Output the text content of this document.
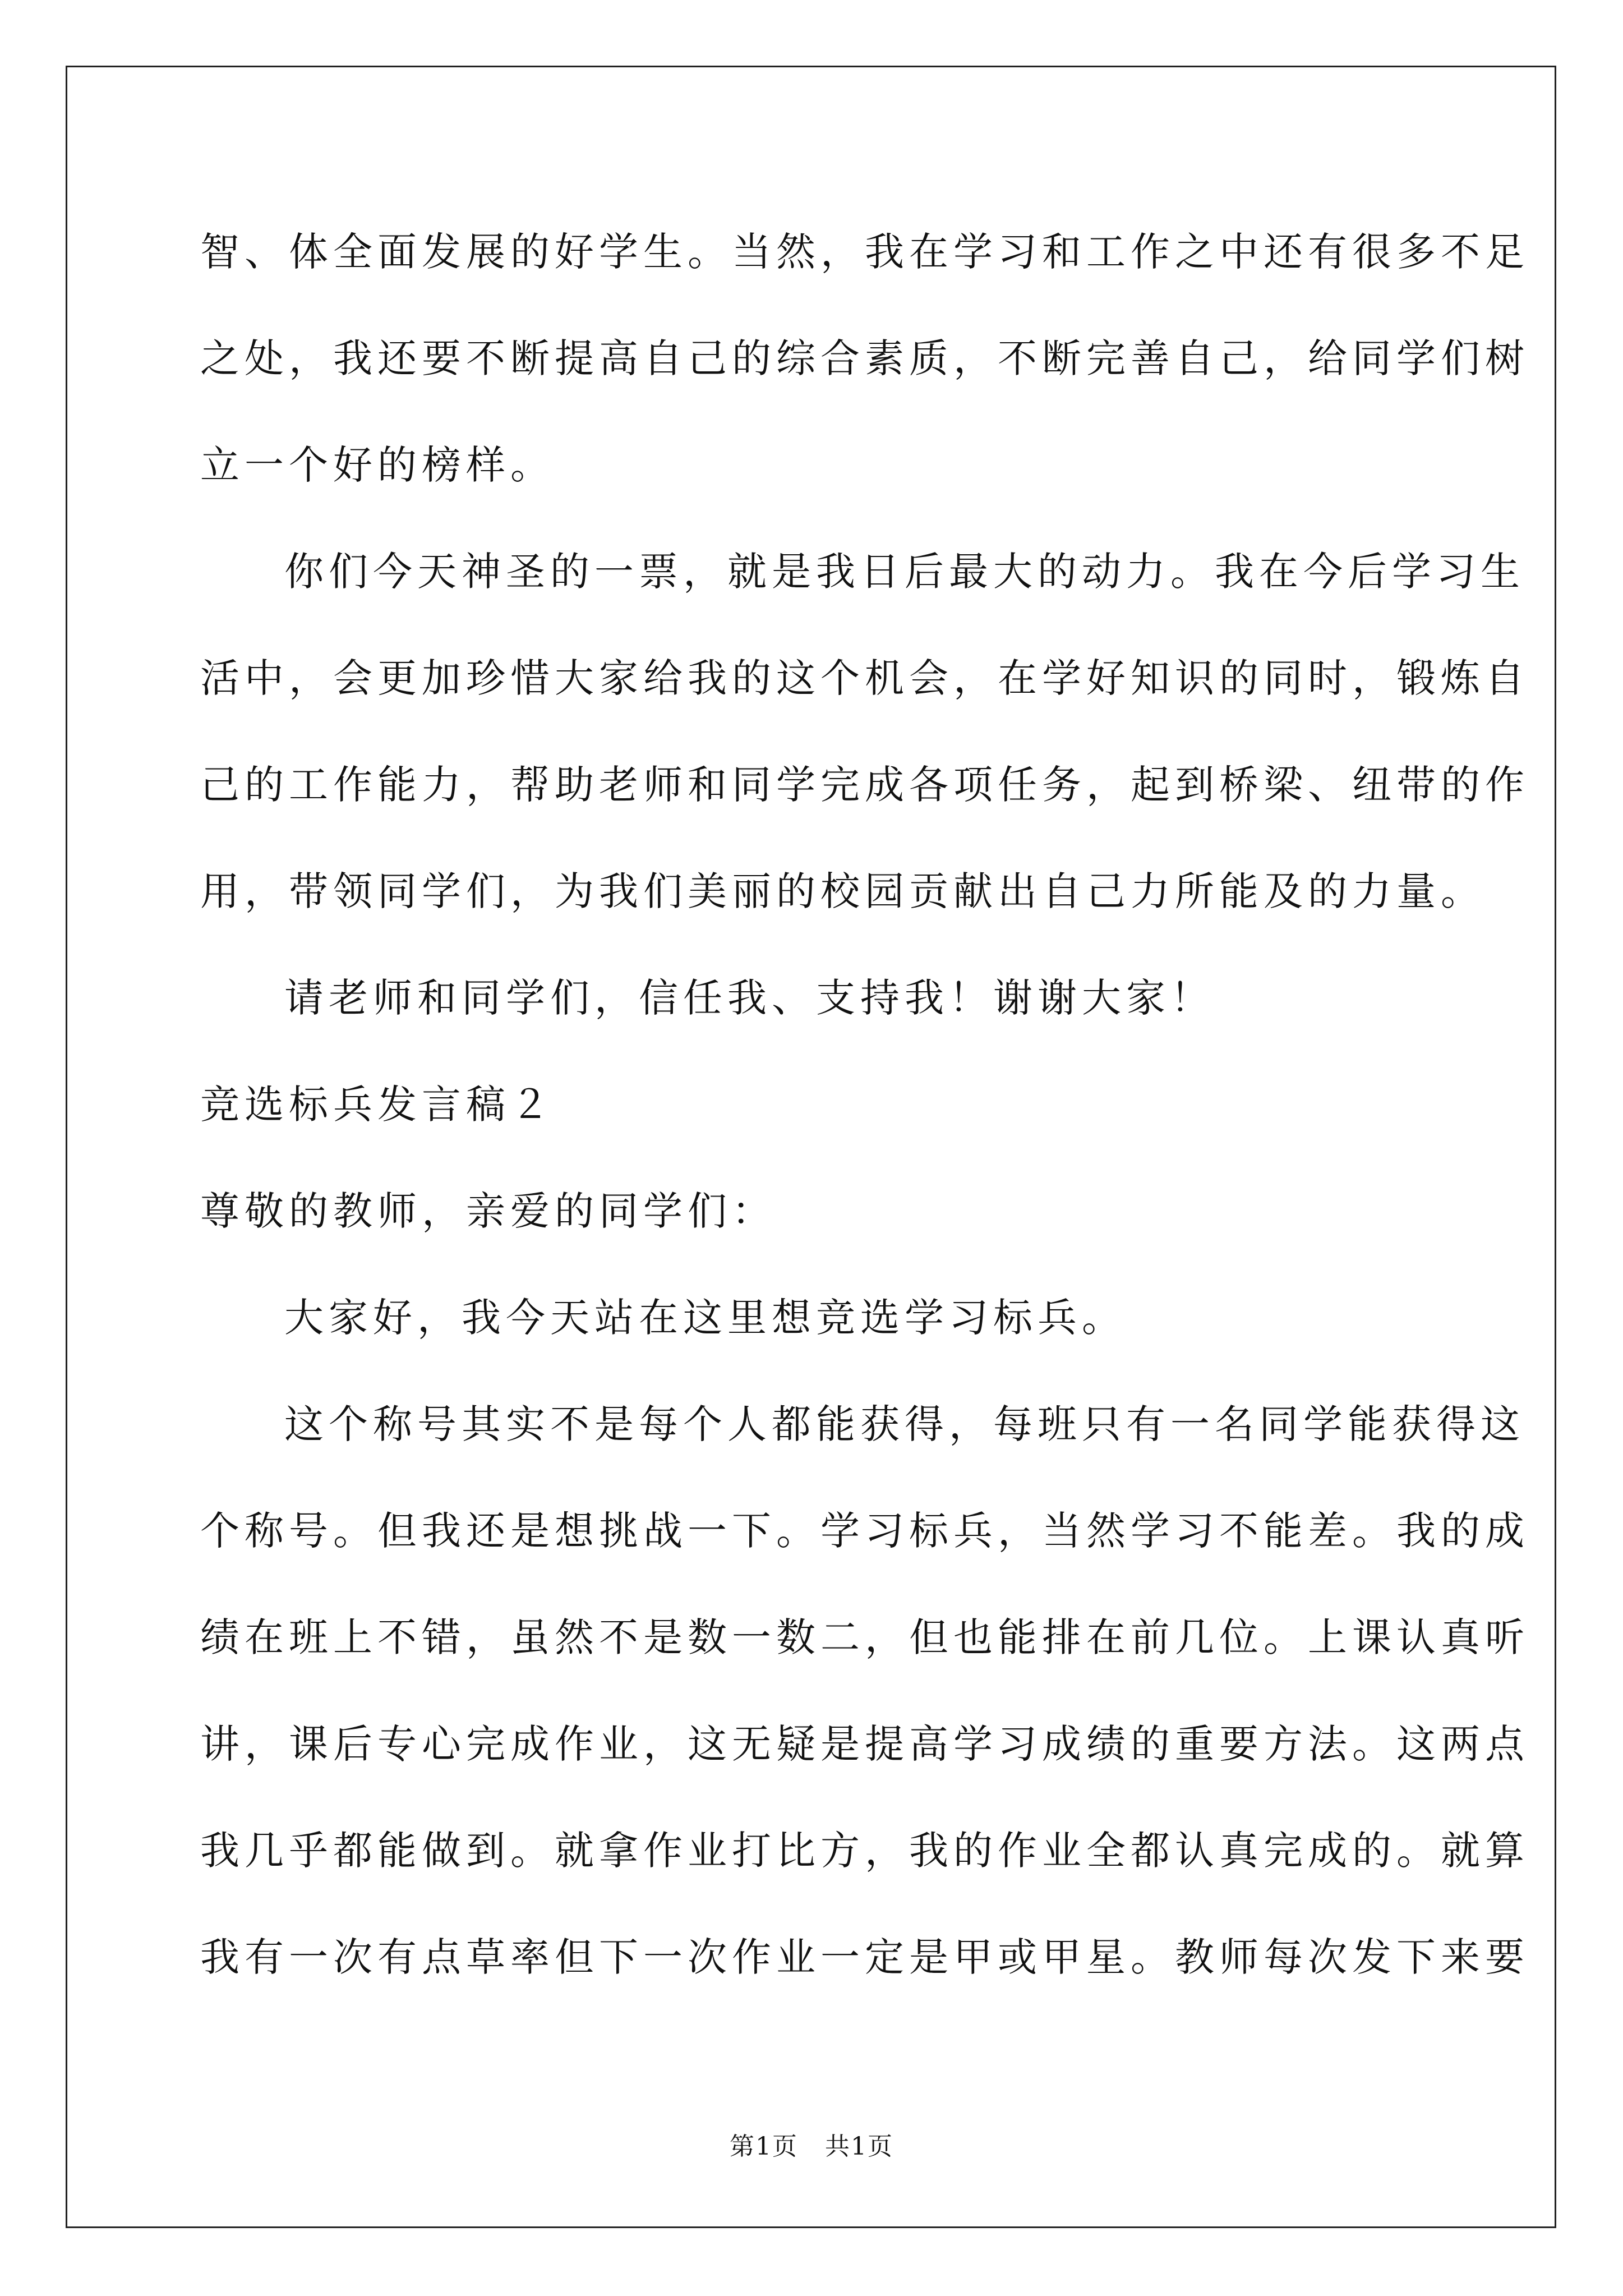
智、体全面发展的好学生。当然，我在学习和工作之中还有很多不足
之处，我还要不断提高自己的综合素质，不断完善自己，给同学们树
立一个好的榜样。

你们今天神圣的一票，就是我日后最大的动力。我在今后学习生
活中，会更加珍惜大家给我的这个机会，在学好知识的同时，锻炼自
己的工作能力，帮助老师和同学完成各项任务，起到桥梁、纽带的作
用，带领同学们，为我们美丽的校园贡献出自己力所能及的力量。

请老师和同学们，信任我、支持我！谢谢大家！

竞选标兵发言稿２

尊敬的教师，亲爱的同学们：

大家好，我今天站在这里想竞选学习标兵。

这个称号其实不是每个人都能获得，每班只有一名同学能获得这
个称号。但我还是想挑战一下。学习标兵，当然学习不能差。我的成
绩在班上不错，虽然不是数一数二，但也能排在前几位。上课认真听
讲，课后专心完成作业，这无疑是提高学习成绩的重要方法。这两点
我几乎都能做到。就拿作业打比方，我的作业全都认真完成的。就算
我有一次有点草率但下一次作业一定是甲或甲星。教师每次发下来要

第1页 共1页
